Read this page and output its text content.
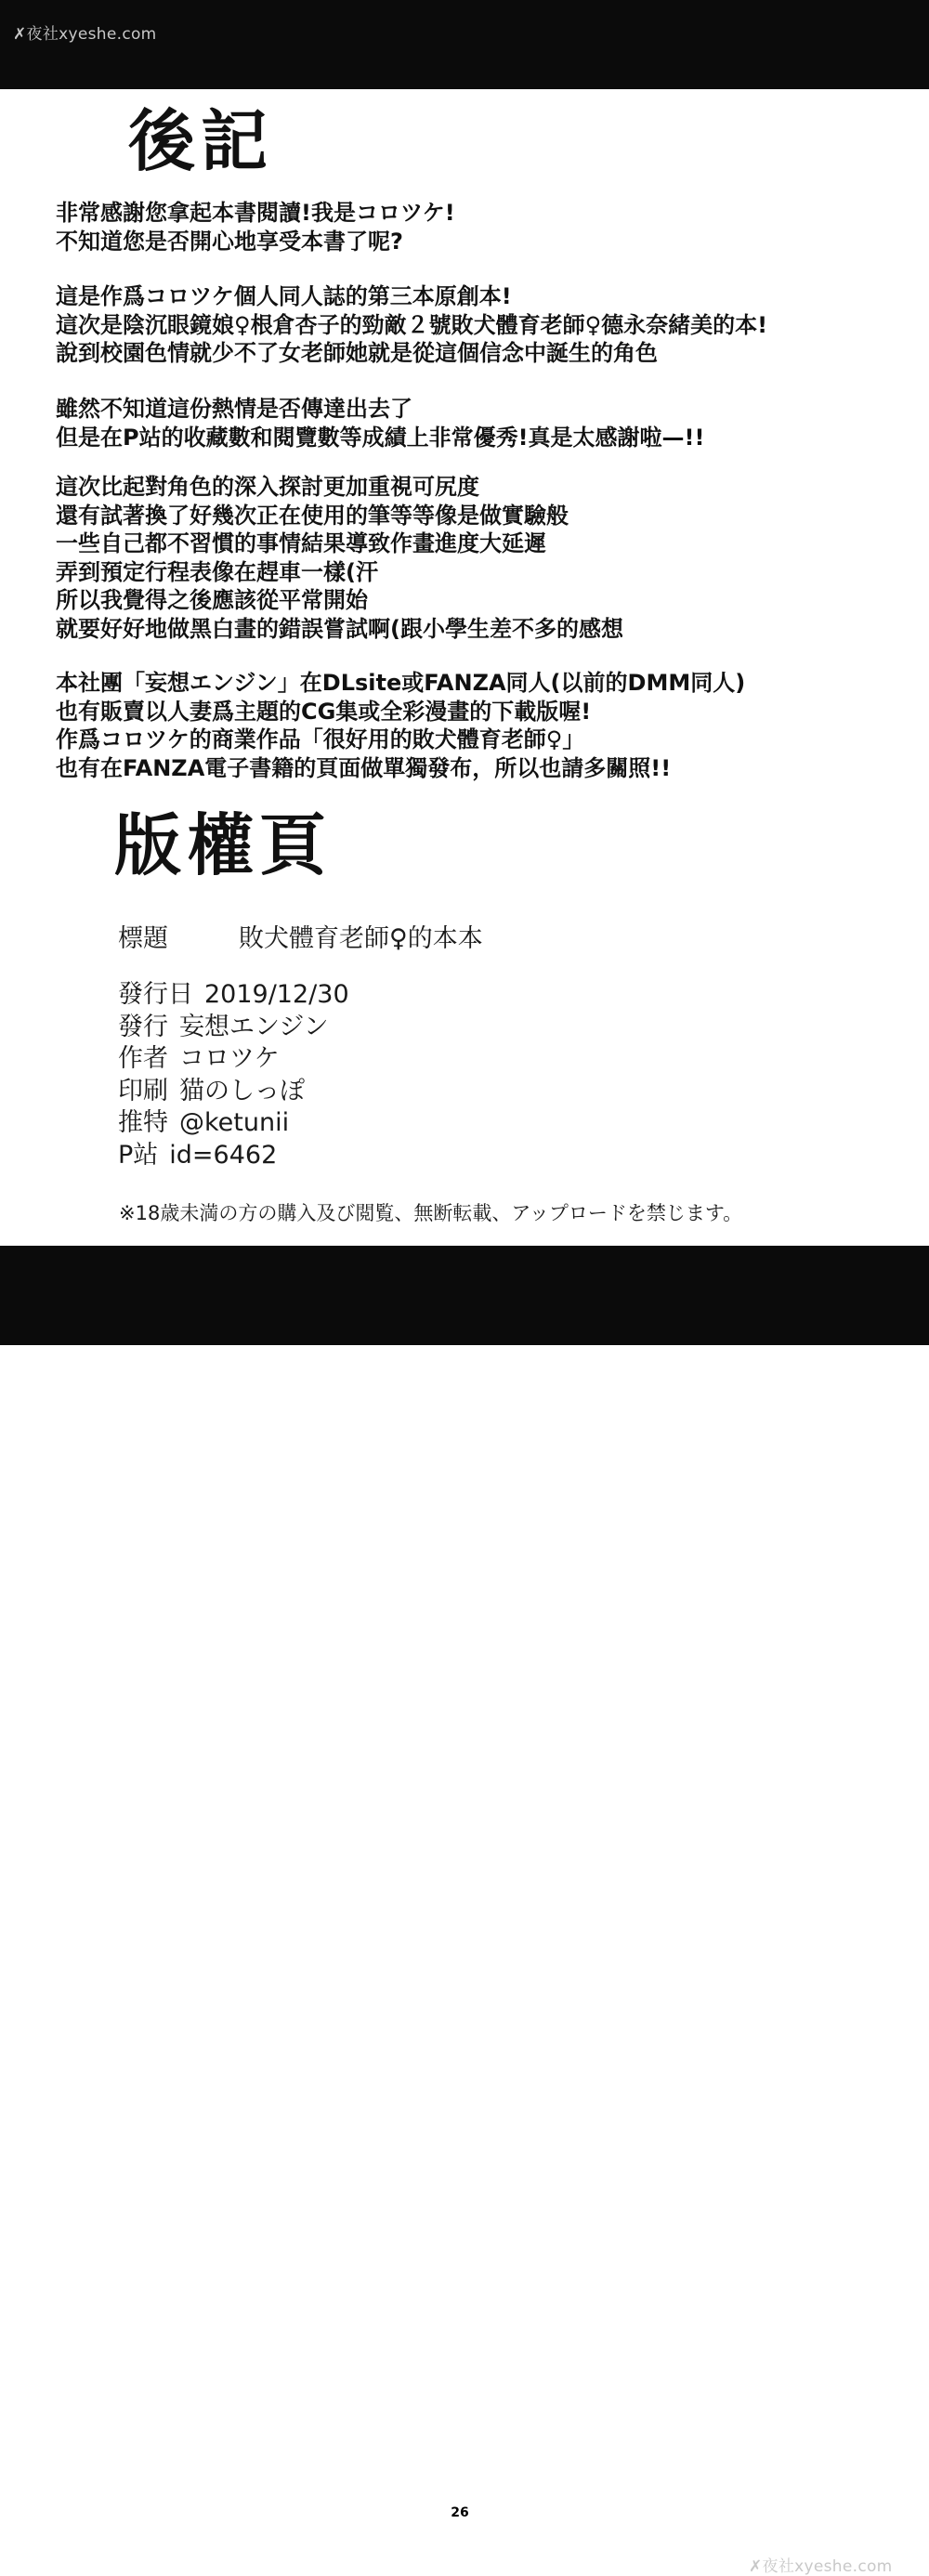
✗夜社xyeshe.com
後記
非常感謝您拿起本書閱讀!我是コロツケ!
不知道您是否開心地享受本書了呢?
這是作爲コロツケ個人同人誌的第三本原創本!
這次是陰沉眼鏡娘♀根倉杏子的勁敵２號敗犬體育老師♀德永奈緒美的本!
說到校園色情就少不了女老師她就是從這個信念中誕生的角色
雖然不知道這份熱情是否傳達出去了
但是在P站的收藏數和閱覽數等成績上非常優秀!真是太感謝啦—!!
這次比起對角色的深入探討更加重視可尻度
還有試著換了好幾次正在使用的筆等等像是做實驗般
一些自己都不習慣的事情結果導致作畫進度大延遲
弄到預定行程表像在趕車一樣(汗
所以我覺得之後應該從平常開始
就要好好地做黑白畫的錯誤嘗試啊(跟小學生差不多的感想
本社團「妄想エンジン」在DLsite或FANZA同人(以前的DMM同人)
也有販賣以人妻爲主題的CG集或全彩漫畫的下載版喔!
作爲コロツケ的商業作品「很好用的敗犬體育老師♀」
也有在FANZA電子書籍的頁面做單獨發布，所以也請多關照!!
版權頁
標題	敗犬體育老師♀的本本
發行日 2019/12/30
發行 妄想エンジン
作者 コロツケ
印刷 猫のしっぽ
推特 @ketunii
P站 id=6462
※18歳未満の方の購入及び閲覧、無断転載、アップロードを禁じます。
26
✗夜社xyeshe.com
